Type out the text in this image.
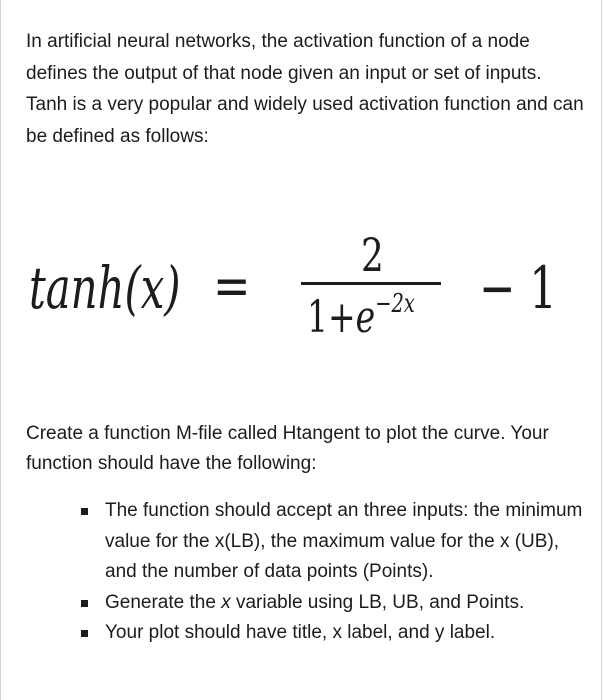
In artificial neural networks, the activation function of a node defines the output of that node given an input or set of inputs. Tanh is a very popular and widely used activation function and can be defined as follows:

tanh(x) = 2
$1+e^{-2x} - 1$

Create a function M-file called Htangent to plot the curve. Your function should have the following:

The function should accept an three inputs: the minimum value for the x(LB), the maximum value for the x (UB), and the number of data points (Points).
Generate the x variable using LB, UB, and Points.
Your plot should have title, x label, and y label.
